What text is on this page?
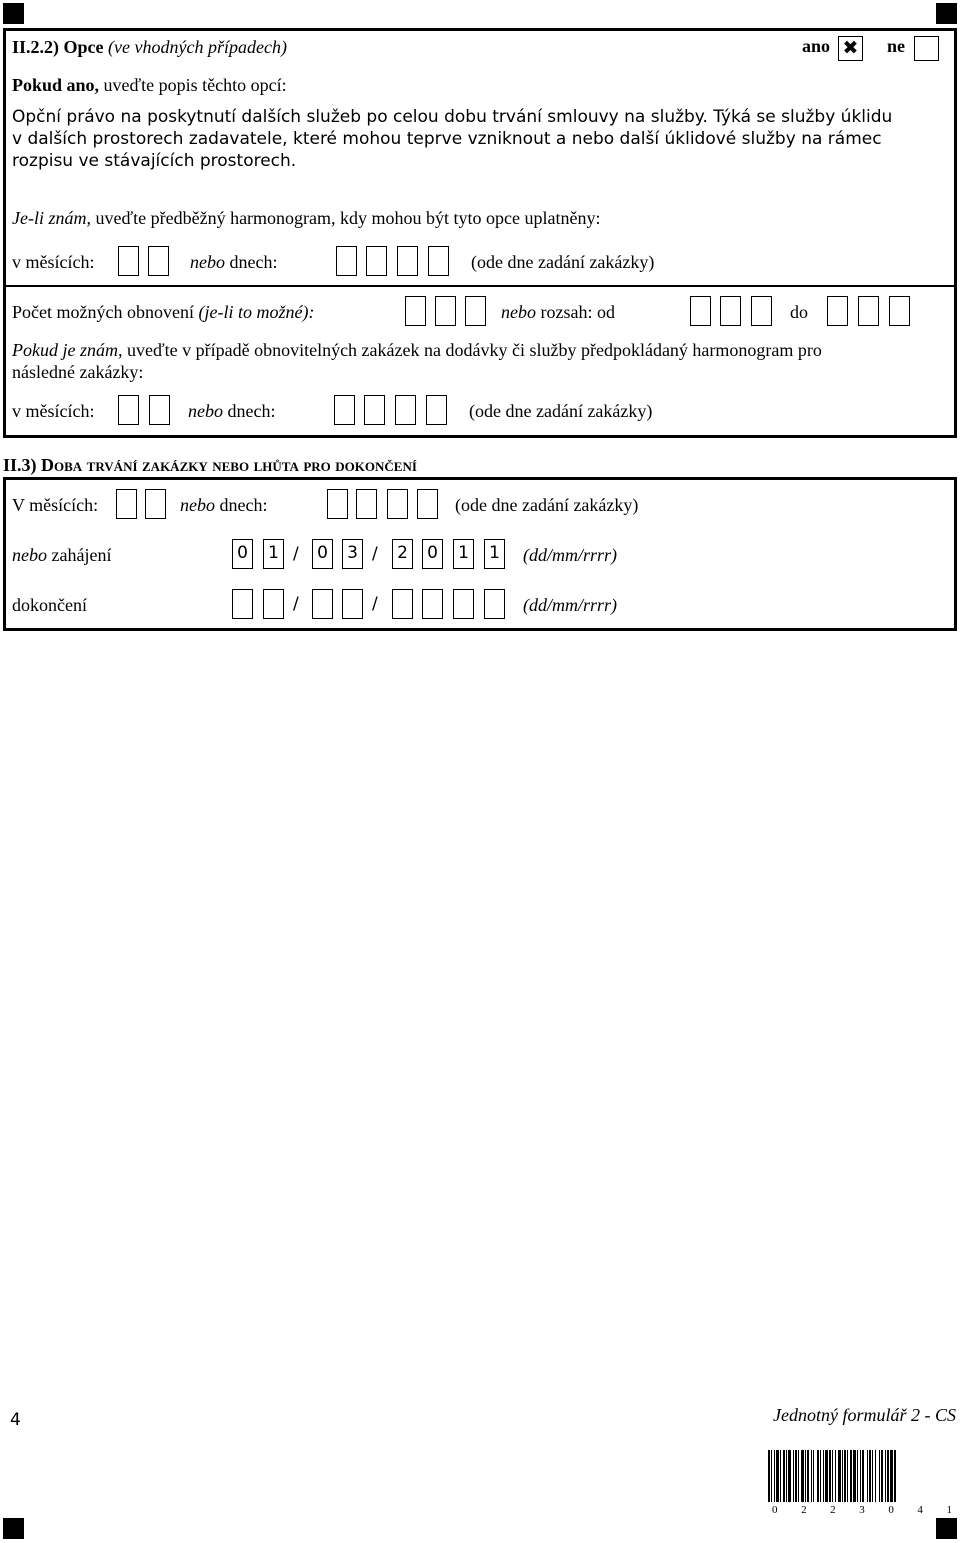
II.2.2) Opce (ve vhodných případech)	ano ✖ ne
Pokud ano, uveďte popis těchto opcí:
Opční právo na poskytnutí dalších služeb po celou dobu trvání smlouvy na služby. Týká se služby úklidu
v dalších prostorech zadavatele, které mohou teprve vzniknout a nebo další úklidové služby na rámec
rozpisu ve stávajících prostorech.
Je-li znám, uveďte předběžný harmonogram, kdy mohou být tyto opce uplatněny:
v měsících:	nebo dnech:	(ode dne zadání zakázky)
Počet možných obnovení (je-li to možné):	nebo rozsah: od	do
Pokud je znám, uveďte v případě obnovitelných zakázek na dodávky či služby předpokládaný harmonogram pro
následné zakázky:
v měsících:	nebo dnech:	(ode dne zadání zakázky)
II.3) Doba trvání zakázky nebo lhůta pro dokončení
V měsících:	nebo dnech:	(ode dne zadání zakázky)
nebo zahájení	0 1 / 0 3 / 2 0 1 1 (dd/mm/rrrr)
dokončení	/	/	(dd/mm/rrrr)
4	Jednotný formulář 2 - CS
0 2 2 3 0 4 1
